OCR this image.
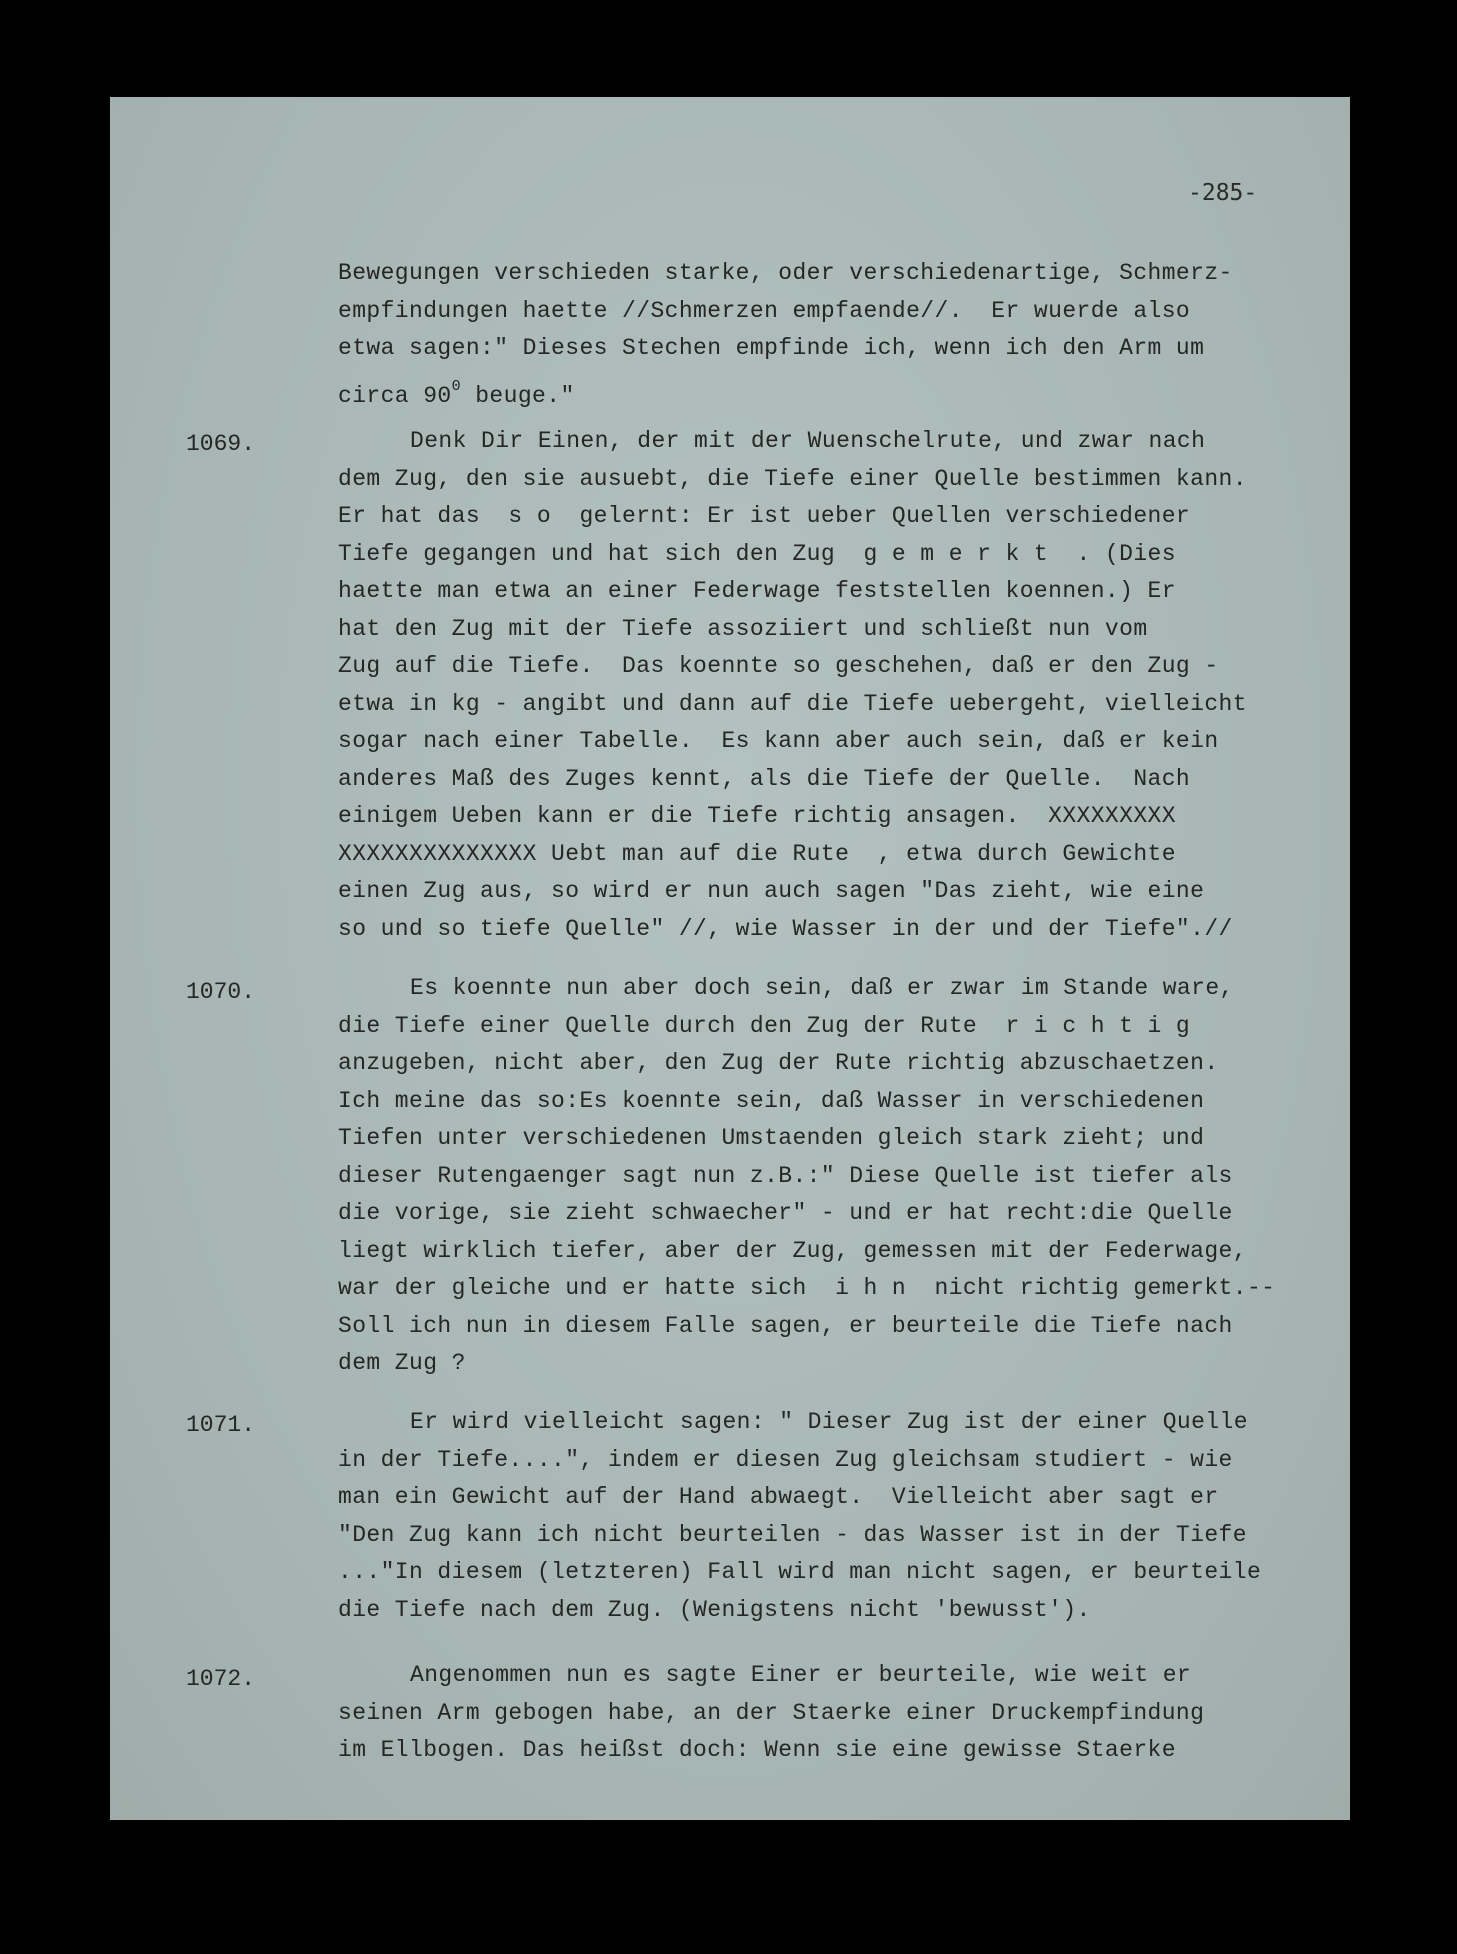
-285-
Bewegungen verschieden starke, oder verschiedenartige, Schmerz-
empfindungen haette //Schmerzen empfaende//.  Er wuerde also
etwa sagen:" Dieses Stechen empfinde ich, wenn ich den Arm um
circa $90^0$ beuge."
1069.	Denk Dir Einen, der mit der Wuenschelrute, und zwar nach
dem Zug, den sie ausuebt, die Tiefe einer Quelle bestimmen kann.
Er hat das  s o  gelernt: Er ist ueber Quellen verschiedener
Tiefe gegangen und hat sich den Zug  g e m e r k t  . (Dies
haette man etwa an einer Federwage feststellen koennen.) Er
hat den Zug mit der Tiefe assoziiert und schließt nun vom
Zug auf die Tiefe.  Das koennte so geschehen, daß er den Zug -
etwa in kg - angibt und dann auf die Tiefe uebergeht, vielleicht
sogar nach einer Tabelle.  Es kann aber auch sein, daß er kein
anderes Maß des Zuges kennt, als die Tiefe der Quelle.  Nach
einigem Ueben kann er die Tiefe richtig ansagen.  XXXXXXXXX
XXXXXXXXXXXXXX Uebt man auf die Rute  , etwa durch Gewichte
einen Zug aus, so wird er nun auch sagen "Das zieht, wie eine
so und so tiefe Quelle" //, wie Wasser in der und der Tiefe".//
1070.	Es koennte nun aber doch sein, daß er zwar im Stande ware,
die Tiefe einer Quelle durch den Zug der Rute  r i c h t i g
anzugeben, nicht aber, den Zug der Rute richtig abzuschaetzen.
Ich meine das so:Es koennte sein, daß Wasser in verschiedenen
Tiefen unter verschiedenen Umstaenden gleich stark zieht; und
dieser Rutengaenger sagt nun z.B.:" Diese Quelle ist tiefer als
die vorige, sie zieht schwaecher" - und er hat recht:die Quelle
liegt wirklich tiefer, aber der Zug, gemessen mit der Federwage,
war der gleiche und er hatte sich  i h n  nicht richtig gemerkt.--
Soll ich nun in diesem Falle sagen, er beurteile die Tiefe nach
dem Zug ?
1071.	Er wird vielleicht sagen: " Dieser Zug ist der einer Quelle
in der Tiefe....", indem er diesen Zug gleichsam studiert - wie
man ein Gewicht auf der Hand abwaegt.  Vielleicht aber sagt er
"Den Zug kann ich nicht beurteilen - das Wasser ist in der Tiefe
..."In diesem (letzteren) Fall wird man nicht sagen, er beurteile
die Tiefe nach dem Zug. (Wenigstens nicht 'bewusst').
1072.	Angenommen nun es sagte Einer er beurteile, wie weit er
seinen Arm gebogen habe, an der Staerke einer Druckempfindung
im Ellbogen. Das heißst doch: Wenn sie eine gewisse Staerke
